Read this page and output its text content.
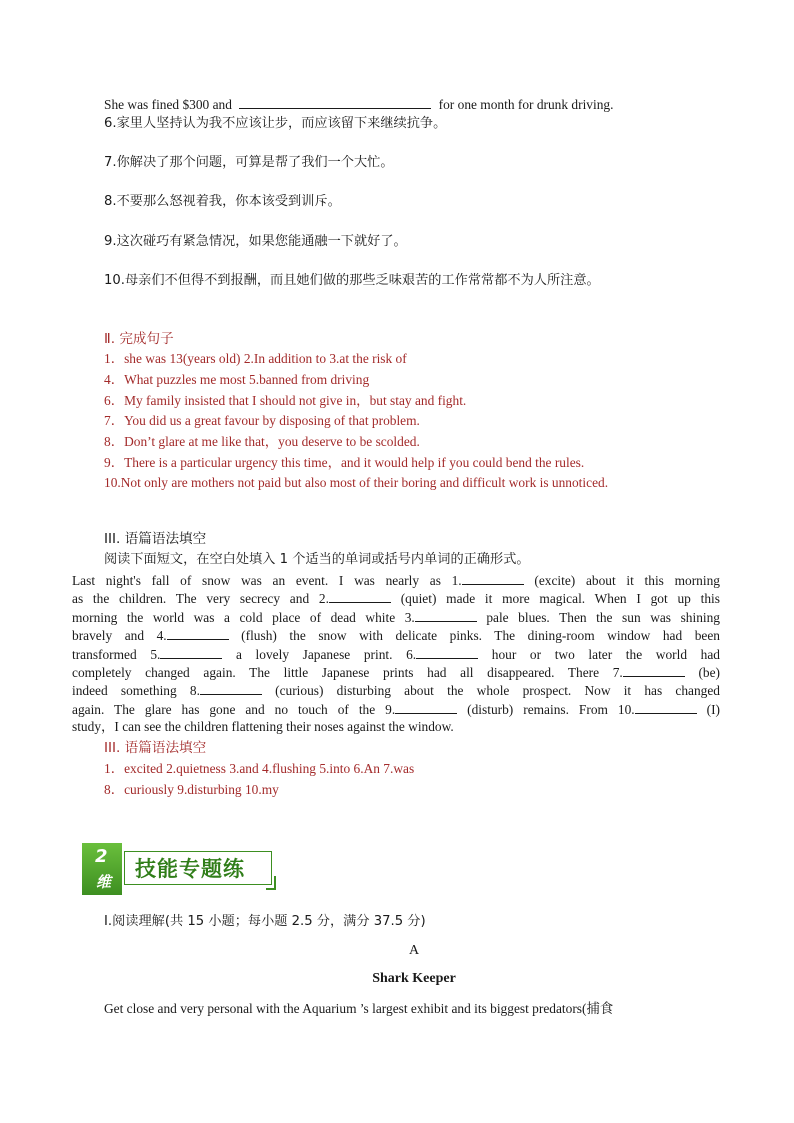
She was fined $300 and	for one month for drunk driving.
6.家里人坚持认为我不应该让步，而应该留下来继续抗争。
7.你解决了那个问题，可算是帮了我们一个大忙。
8.不要那么怒视着我，你本该受到训斥。
9.这次碰巧有紧急情况，如果您能通融一下就好了。
10.母亲们不但得不到报酬，而且她们做的那些乏味艰苦的工作常常都不为人所注意。
Ⅱ. 完成句子
1．she was 13(years old) 2.In addition to 3.at the risk of
4．What puzzles me most 5.banned from driving
6．My family insisted that I should not give in，but stay and fight.
7．You did us a great favour by disposing of that problem.
8．Don’t glare at me like that，you deserve to be scolded.
9．There is a particular urgency this time，and it would help if you could bend the rules.
10.Not only are mothers not paid but also most of their boring and difficult work is unnoticed.
III. 语篇语法填空
阅读下面短文，在空白处填入 1 个适当的单词或括号内单词的正确形式。
Last night's fall of snow was an event. I was nearly as 1.	(excite) about it this morning
as the children. The very secrecy and 2.	(quiet) made it more magical. When I got up this
morning the world was a cold place of dead white 3.	pale blues. Then the sun was shining
bravely and 4.	(flush) the snow with delicate pinks. The dining-room window had been
transformed 5.	a lovely Japanese print. 6.	hour or two later the world had
completely changed again. The little Japanese prints had all disappeared. There 7.	(be)
indeed something 8.	(curious) disturbing about the whole prospect. Now it has changed
again. The glare has gone and no touch of the 9.	(disturb) remains. From 10.	(I)
study，I can see the children flattening their noses against the window.
III. 语篇语法填空
1．excited 2.quietness 3.and 4.flushing 5.into 6.An 7.was
8．curiously 9.disturbing 10.my
2
维
技能专题练
Ⅰ.阅读理解(共 15 小题；每小题 2.5 分，满分 37.5 分)
A
Shark Keeper
Get close and very personal with the Aquarium ’s largest exhibit and its biggest predators(捕食
